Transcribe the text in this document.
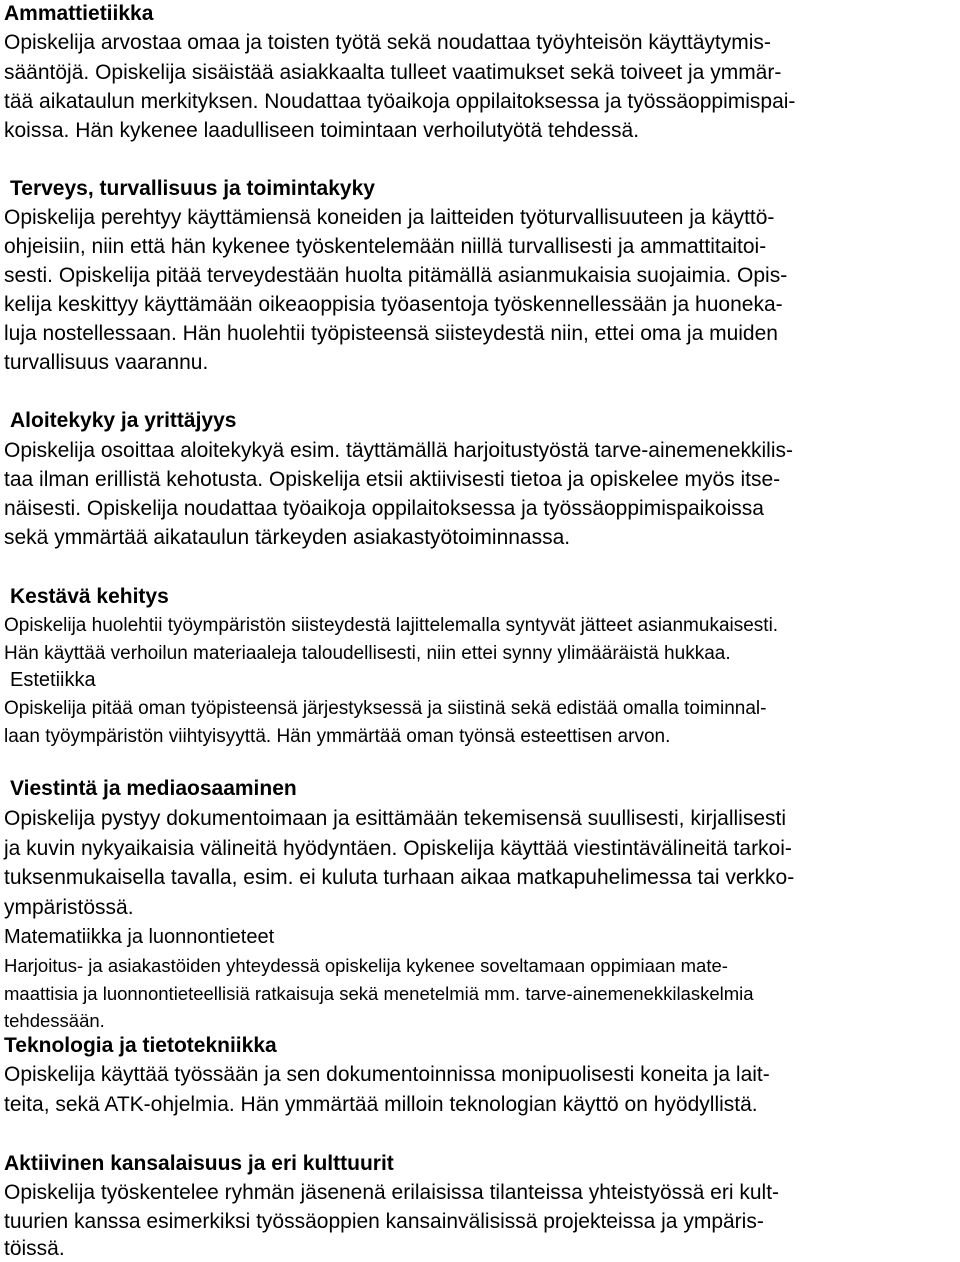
Ammattietiikka
Opiskelija arvostaa omaa ja toisten työtä sekä noudattaa työyhteisön käyttäytymis-
sääntöjä. Opiskelija sisäistää asiakkaalta tulleet vaatimukset sekä toiveet ja ymmär-
tää aikataulun merkityksen. Noudattaa työaikoja oppilaitoksessa ja työssäoppimispai-
koissa. Hän kykenee laadulliseen toimintaan verhoilutyötä tehdessä.
Terveys, turvallisuus ja toimintakyky
Opiskelija perehtyy käyttämiensä koneiden ja laitteiden työturvallisuuteen ja käyttö-
ohjeisiin, niin että hän kykenee työskentelemään niillä turvallisesti ja ammattitaitoi-
sesti. Opiskelija pitää terveydestään huolta pitämällä asianmukaisia suojaimia. Opis-
kelija keskittyy käyttämään oikeaoppisia työasentoja työskennellessään ja huoneka-
luja nostellessaan. Hän huolehtii työpisteensä siisteydestä niin, ettei oma ja muiden
turvallisuus vaarannu.
Aloitekyky ja yrittäjyys
Opiskelija osoittaa aloitekykyä esim. täyttämällä harjoitustyöstä tarve-ainemenekkilis-
taa ilman erillistä kehotusta. Opiskelija etsii aktiivisesti tietoa ja opiskelee myös itse-
näisesti. Opiskelija noudattaa työaikoja oppilaitoksessa ja työssäoppimispaikoissa
sekä ymmärtää aikataulun tärkeyden asiakastyötoiminnassa.
Kestävä kehitys
Opiskelija huolehtii työympäristön siisteydestä lajittelemalla syntyvät jätteet asianmukaisesti.
Hän käyttää verhoilun materiaaleja taloudellisesti, niin ettei synny ylimääräistä hukkaa.
Estetiikka
Opiskelija pitää oman työpisteensä järjestyksessä ja siistinä sekä edistää omalla toiminnal-
laan työympäristön viihtyisyyttä. Hän ymmärtää oman työnsä esteettisen arvon.
Viestintä ja mediaosaaminen
Opiskelija pystyy dokumentoimaan ja esittämään tekemisensä suullisesti, kirjallisesti
ja kuvin nykyaikaisia välineitä hyödyntäen. Opiskelija käyttää viestintävälineitä tarkoi-
tuksenmukaisella tavalla, esim. ei kuluta turhaan aikaa matkapuhelimessa tai verkko-
ympäristössä.
Matematiikka ja luonnontieteet
Harjoitus- ja asiakastöiden yhteydessä opiskelija kykenee soveltamaan oppimiaan mate-
maattisia ja luonnontieteellisiä ratkaisuja sekä menetelmiä mm. tarve-ainemenekkilaskelmia
tehdessään.
Teknologia ja tietotekniikka
Opiskelija käyttää työssään ja sen dokumentoinnissa monipuolisesti koneita ja lait-
teita, sekä ATK-ohjelmia. Hän ymmärtää milloin teknologian käyttö on hyödyllistä.
Aktiivinen kansalaisuus ja eri kulttuurit
Opiskelija työskentelee ryhmän jäsenenä erilaisissa tilanteissa yhteistyössä eri kult-
tuurien kanssa esimerkiksi työssäoppien kansainvälisissä projekteissa ja ympäris-
töissä.
